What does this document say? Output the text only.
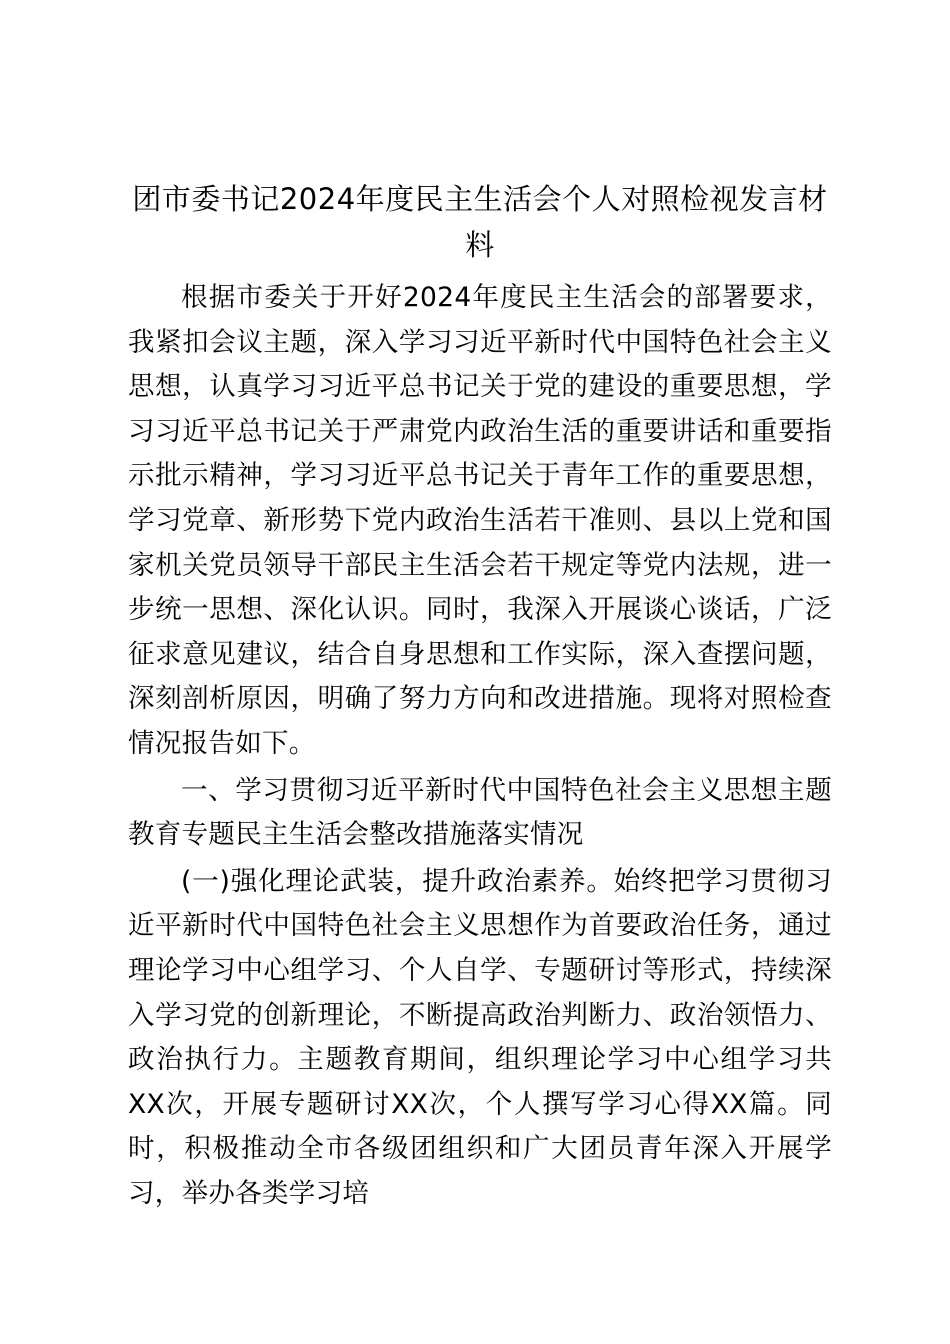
团市委书记2024年度民主生活会个人对照检视发言材料

根据市委关于开好2024年度民主生活会的部署要求，我紧扣会议主题，深入学习习近平新时代中国特色社会主义思想，认真学习习近平总书记关于党的建设的重要思想，学习习近平总书记关于严肃党内政治生活的重要讲话和重要指示批示精神，学习习近平总书记关于青年工作的重要思想，学习党章、新形势下党内政治生活若干准则、县以上党和国家机关党员领导干部民主生活会若干规定等党内法规，进一步统一思想、深化认识。同时，我深入开展谈心谈话，广泛征求意见建议，结合自身思想和工作实际，深入查摆问题，深刻剖析原因，明确了努力方向和改进措施。现将对照检查情况报告如下。

一、学习贯彻习近平新时代中国特色社会主义思想主题教育专题民主生活会整改措施落实情况

(一)强化理论武装，提升政治素养。始终把学习贯彻习近平新时代中国特色社会主义思想作为首要政治任务，通过理论学习中心组学习、个人自学、专题研讨等形式，持续深入学习党的创新理论，不断提高政治判断力、政治领悟力、政治执行力。主题教育期间，组织理论学习中心组学习共XX次，开展专题研讨XX次，个人撰写学习心得XX篇。同时，积极推动全市各级团组织和广大团员青年深入开展学习，举办各类学习培
